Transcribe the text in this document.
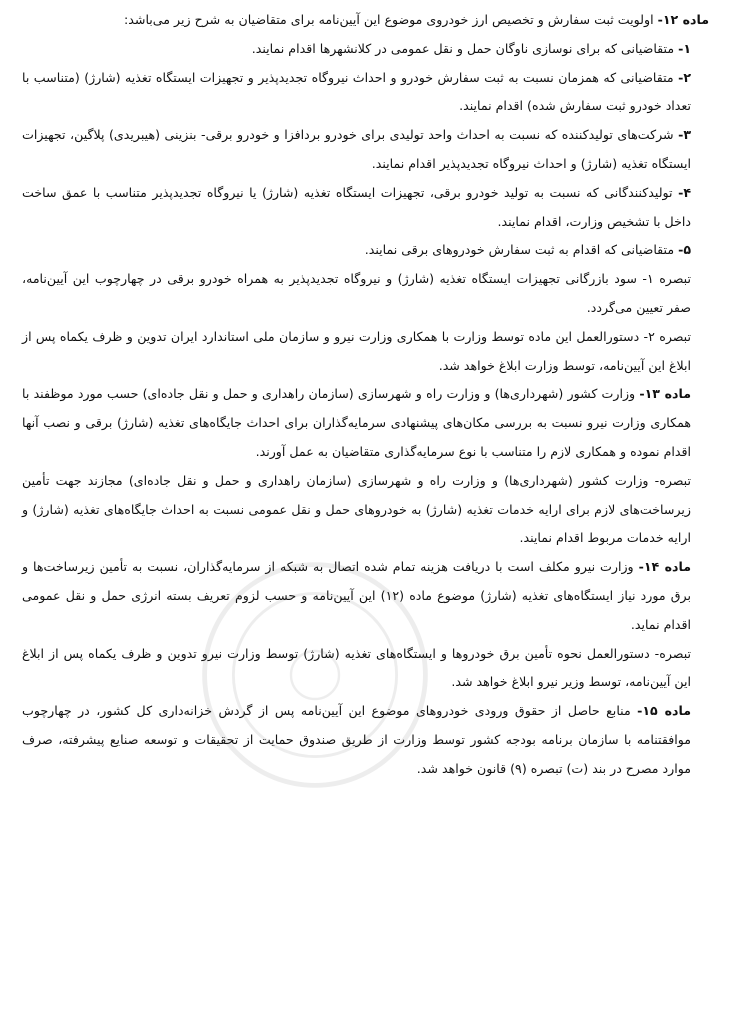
ماده ۱۲- اولویت ثبت سفارش و تخصیص ارز خودروی موضوع این آیین‌نامه برای متقاضیان به شرح زیر می‌باشد:

۱- متقاضیانی که برای نوسازی ناوگان حمل و نقل عمومی در کلانشهرها اقدام نمایند.

۲- متقاضیانی که همزمان نسبت به ثبت سفارش خودرو و احداث نیروگاه تجدیدپذیر و تجهیزات ایستگاه تغذیه (شارژ) (متناسب با تعداد خودرو ثبت سفارش شده) اقدام نمایند.

۳- شرکت‌های تولیدکننده که نسبت به احداث واحد تولیدی برای خودرو بردافزا و خودرو برقی- بنزینی (هیبریدی) پلاگین، تجهیزات ایستگاه تغذیه (شارژ) و احداث نیروگاه تجدیدپذیر اقدام نمایند.

۴- تولیدکنندگانی که نسبت به تولید خودرو برقی، تجهیزات ایستگاه تغذیه (شارژ) یا نیروگاه تجدیدپذیر متناسب با عمق ساخت داخل با تشخیص وزارت، اقدام نمایند.

۵- متقاضیانی که اقدام به ثبت سفارش خودروهای برقی نمایند.

تبصره ۱- سود بازرگانی تجهیزات ایستگاه تغذیه (شارژ) و نیروگاه تجدیدپذیر به همراه خودرو برقی در چهارچوب این آیین‌نامه، صفر تعیین می‌گردد.

تبصره ۲- دستورالعمل این ماده توسط وزارت با همکاری وزارت نیرو و سازمان ملی استاندارد ایران تدوین و ظرف یکماه پس از ابلاغ این آیین‌نامه، توسط وزارت ابلاغ خواهد شد.

ماده ۱۳- وزارت کشور (شهرداری‌ها) و وزارت راه و شهرسازی (سازمان راهداری و حمل و نقل جاده‌ای) حسب مورد موظفند با همکاری وزارت نیرو نسبت به بررسی مکان‌های پیشنهادی سرمایه‌گذاران برای احداث جایگاه‌های تغذیه (شارژ) برقی و نصب آنها اقدام نموده و همکاری لازم را متناسب با نوع سرمایه‌گذاری متقاضیان به عمل آورند.

تبصره- وزارت کشور (شهرداری‌ها) و وزارت راه و شهرسازی (سازمان راهداری و حمل و نقل جاده‌ای) مجازند جهت تأمین زیرساخت‌های لازم برای ارایه خدمات تغذیه (شارژ) به خودروهای حمل و نقل عمومی نسبت به احداث جایگاه‌های تغذیه (شارژ) و ارایه خدمات مربوط اقدام نمایند.

ماده ۱۴- وزارت نیرو مکلف است با دریافت هزینه تمام شده اتصال به شبکه از سرمایه‌گذاران، نسبت به تأمین زیرساخت‌ها و برق مورد نیاز ایستگاه‌های تغذیه (شارژ) موضوع ماده (۱۲) این آیین‌نامه و حسب لزوم تعریف بسته انرژی حمل و نقل عمومی اقدام نماید.

تبصره- دستورالعمل نحوه تأمین برق خودروها و ایستگاه‌های تغذیه (شارژ) توسط وزارت نیرو تدوین و ظرف یکماه پس از ابلاغ این آیین‌نامه، توسط وزیر نیرو ابلاغ خواهد شد.

ماده ۱۵- منابع حاصل از حقوق ورودی خودروهای موضوع این آیین‌نامه پس از گردش خزانه‌داری کل کشور، در چهارچوب موافقتنامه با سازمان برنامه بودجه کشور توسط وزارت از طریق صندوق حمایت از تحقیقات و توسعه صنایع پیشرفته، صرف موارد مصرح در بند (ت) تبصره (۹) قانون خواهد شد.
